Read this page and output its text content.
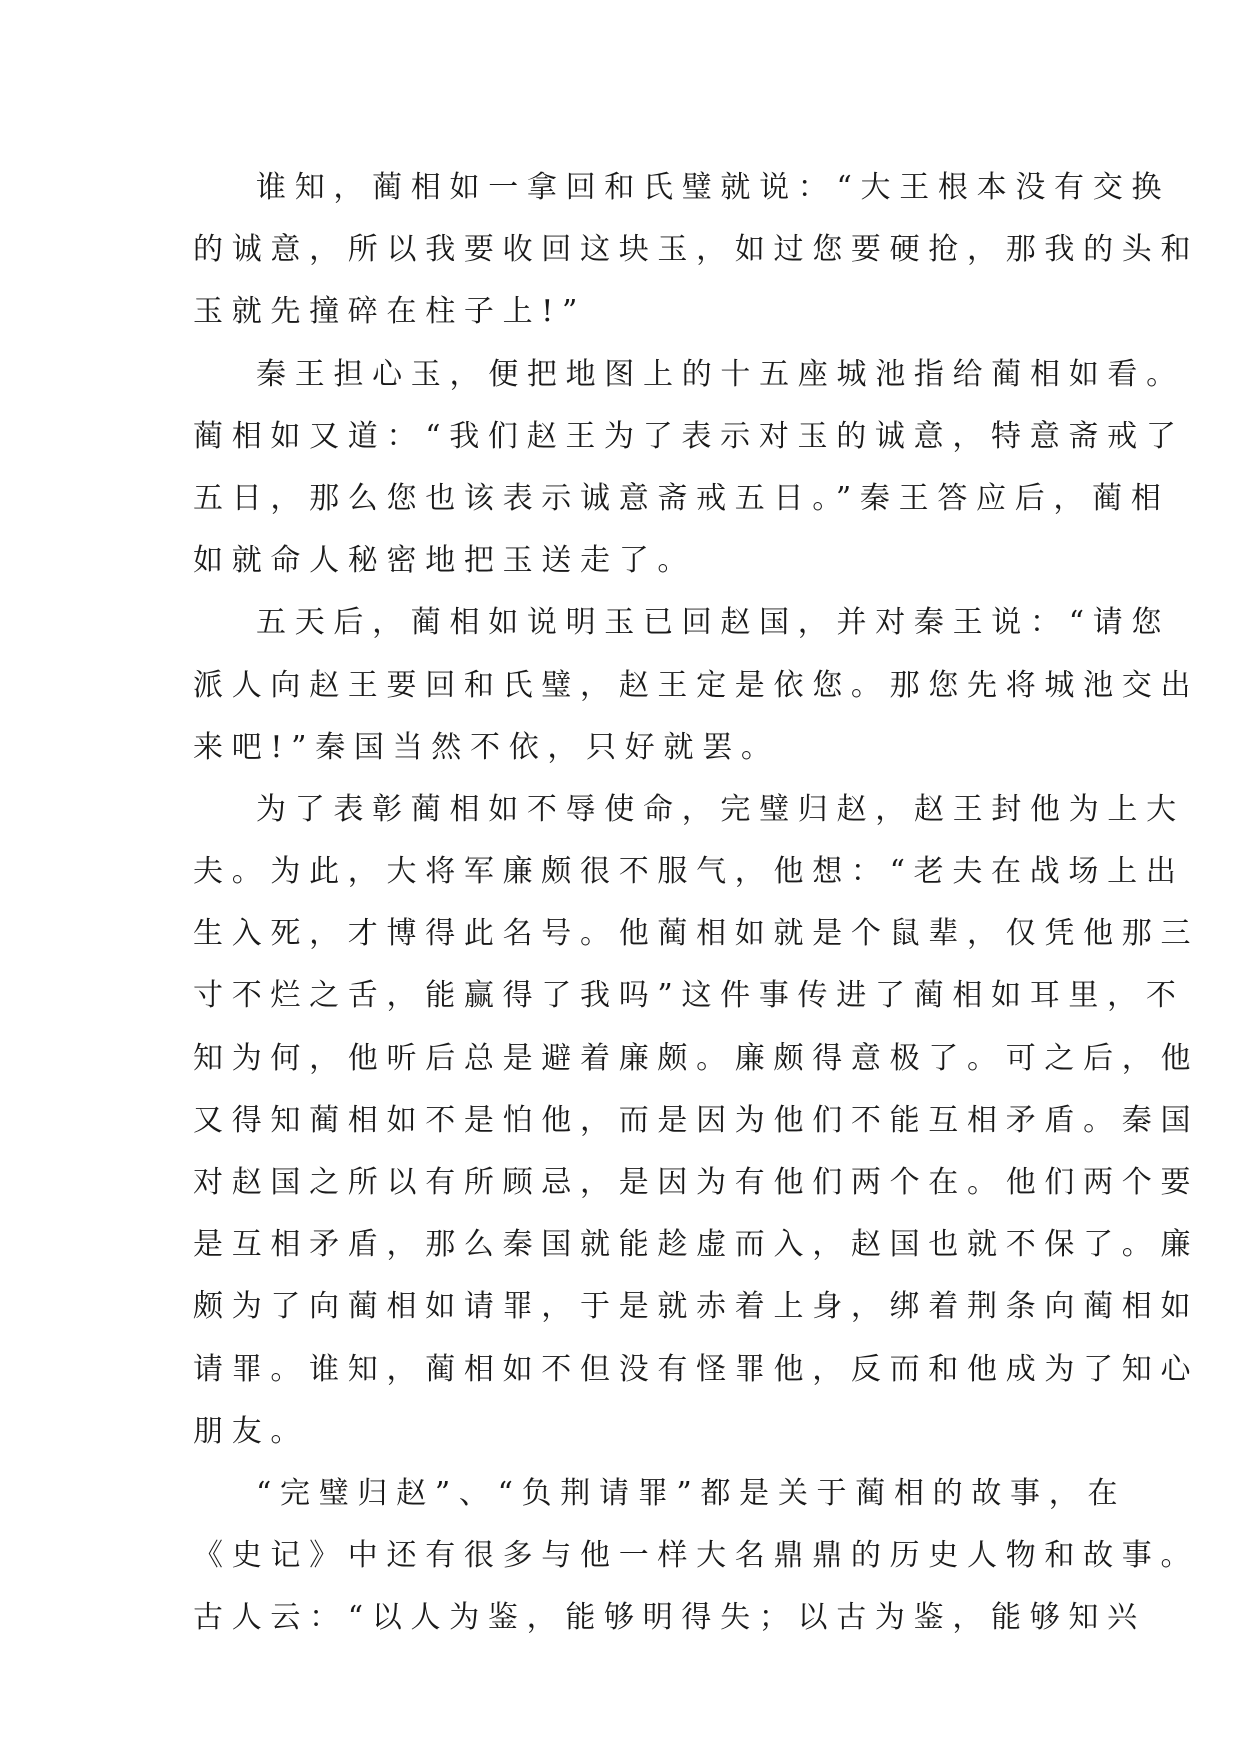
谁知，蔺相如一拿回和氏璧就说：“大王根本没有交换
的诚意，所以我要收回这块玉，如过您要硬抢，那我的头和
玉就先撞碎在柱子上!”
秦王担心玉，便把地图上的十五座城池指给蔺相如看。
蔺相如又道：“我们赵王为了表示对玉的诚意，特意斋戒了
五日，那么您也该表示诚意斋戒五日。”秦王答应后，蔺相
如就命人秘密地把玉送走了。
五天后，蔺相如说明玉已回赵国，并对秦王说：“请您
派人向赵王要回和氏璧，赵王定是依您。那您先将城池交出
来吧!”秦国当然不依，只好就罢。
为了表彰蔺相如不辱使命，完璧归赵，赵王封他为上大
夫。为此，大将军廉颇很不服气，他想：“老夫在战场上出
生入死，才博得此名号。他蔺相如就是个鼠辈，仅凭他那三
寸不烂之舌，能赢得了我吗”这件事传进了蔺相如耳里，不
知为何，他听后总是避着廉颇。廉颇得意极了。可之后，他
又得知蔺相如不是怕他，而是因为他们不能互相矛盾。秦国
对赵国之所以有所顾忌，是因为有他们两个在。他们两个要
是互相矛盾，那么秦国就能趁虚而入，赵国也就不保了。廉
颇为了向蔺相如请罪，于是就赤着上身，绑着荆条向蔺相如
请罪。谁知，蔺相如不但没有怪罪他，反而和他成为了知心
朋友。
“完璧归赵”、“负荆请罪”都是关于蔺相的故事，在
《史记》中还有很多与他一样大名鼎鼎的历史人物和故事。
古人云：“以人为鉴，能够明得失；以古为鉴，能够知兴
